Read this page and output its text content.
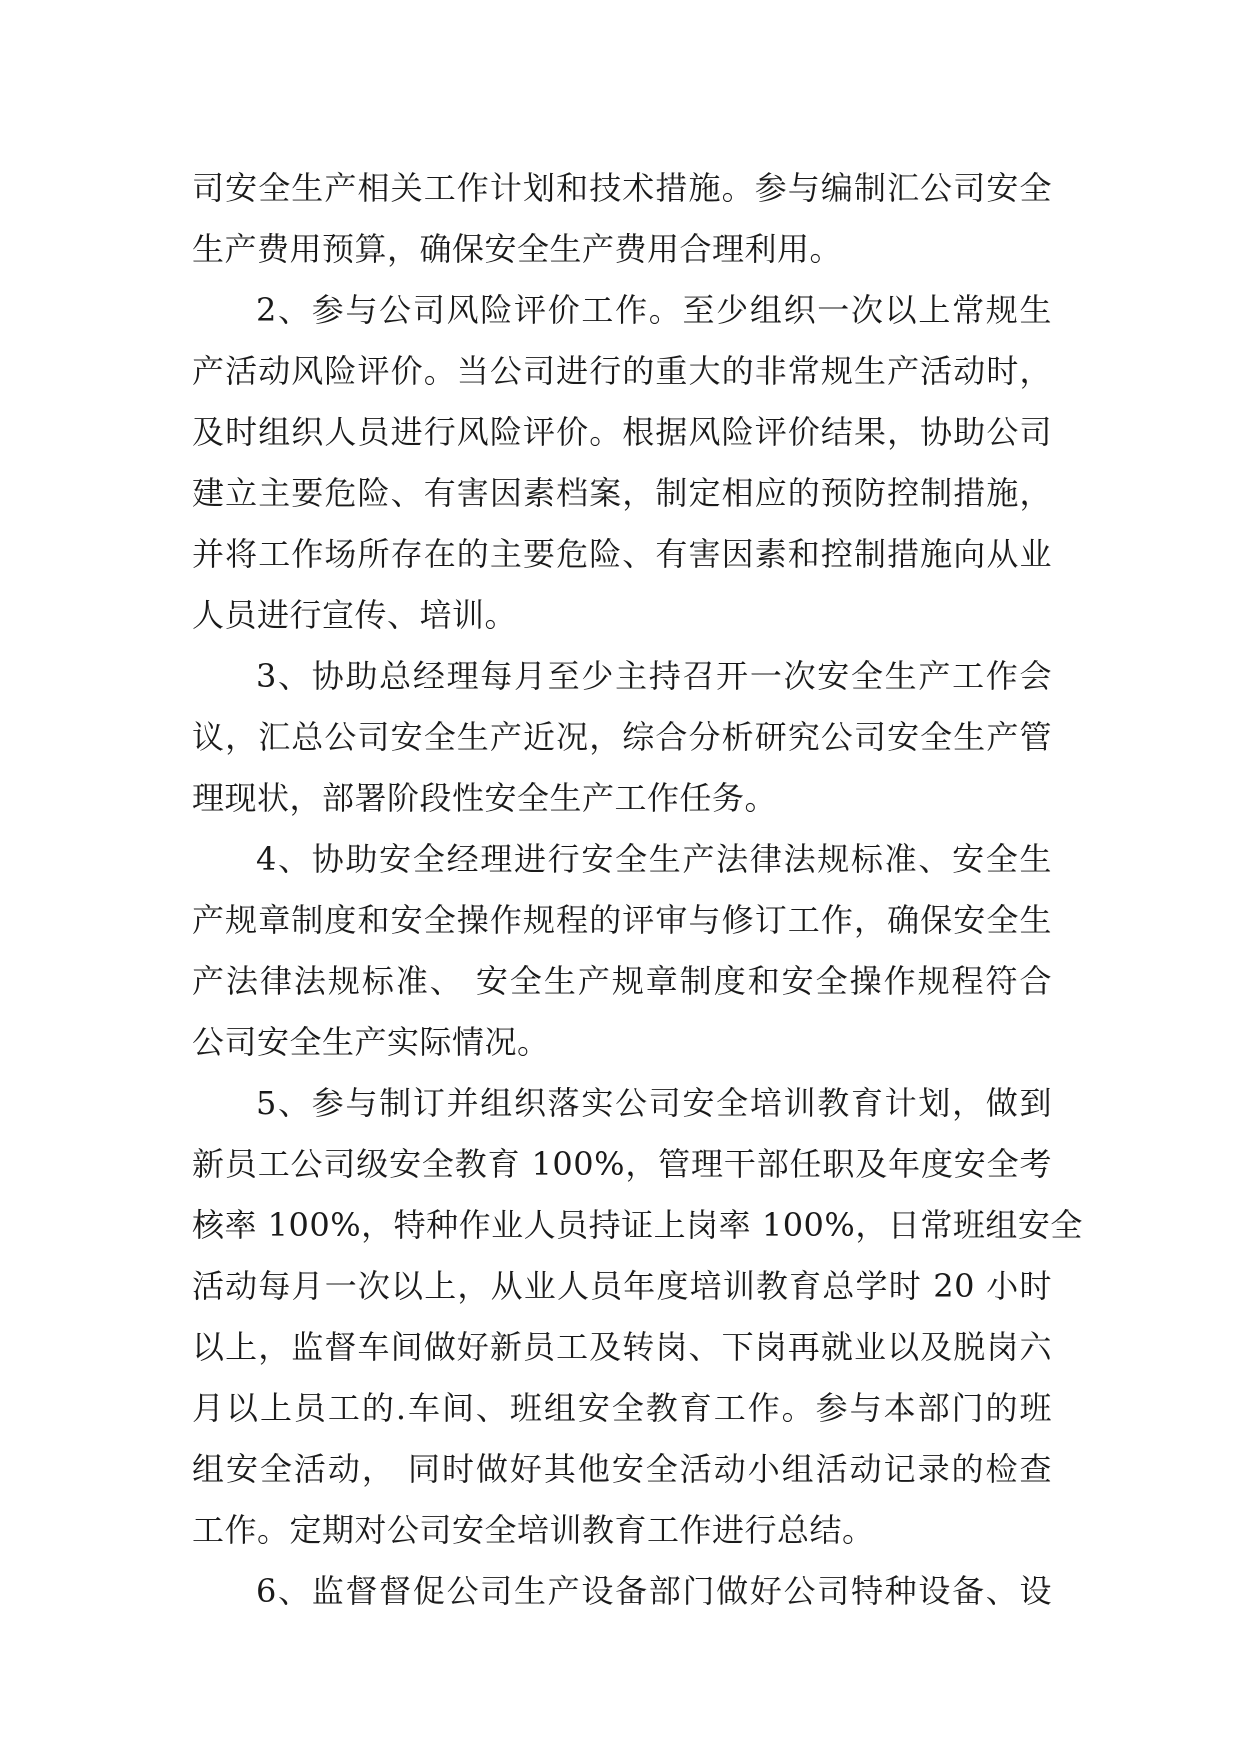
司安全生产相关工作计划和技术措施。参与编制汇公司安全
生产费用预算，确保安全生产费用合理利用。
2、参与公司风险评价工作。至少组织一次以上常规生
产活动风险评价。当公司进行的重大的非常规生产活动时，
及时组织人员进行风险评价。根据风险评价结果，协助公司
建立主要危险、有害因素档案，制定相应的预防控制措施，
并将工作场所存在的主要危险、有害因素和控制措施向从业
人员进行宣传、培训。
3、协助总经理每月至少主持召开一次安全生产工作会
议，汇总公司安全生产近况，综合分析研究公司安全生产管
理现状，部署阶段性安全生产工作任务。
4、协助安全经理进行安全生产法律法规标准、安全生
产规章制度和安全操作规程的评审与修订工作，确保安全生
产法律法规标准、 安全生产规章制度和安全操作规程符合
公司安全生产实际情况。
5、参与制订并组织落实公司安全培训教育计划，做到
新员工公司级安全教育 100%，管理干部任职及年度安全考
核率 100%，特种作业人员持证上岗率 100%，日常班组安全
活动每月一次以上，从业人员年度培训教育总学时 20 小时
以上，监督车间做好新员工及转岗、下岗再就业以及脱岗六
月以上员工的.车间、班组安全教育工作。参与本部门的班
组安全活动， 同时做好其他安全活动小组活动记录的检查
工作。定期对公司安全培训教育工作进行总结。
6、监督督促公司生产设备部门做好公司特种设备、设
